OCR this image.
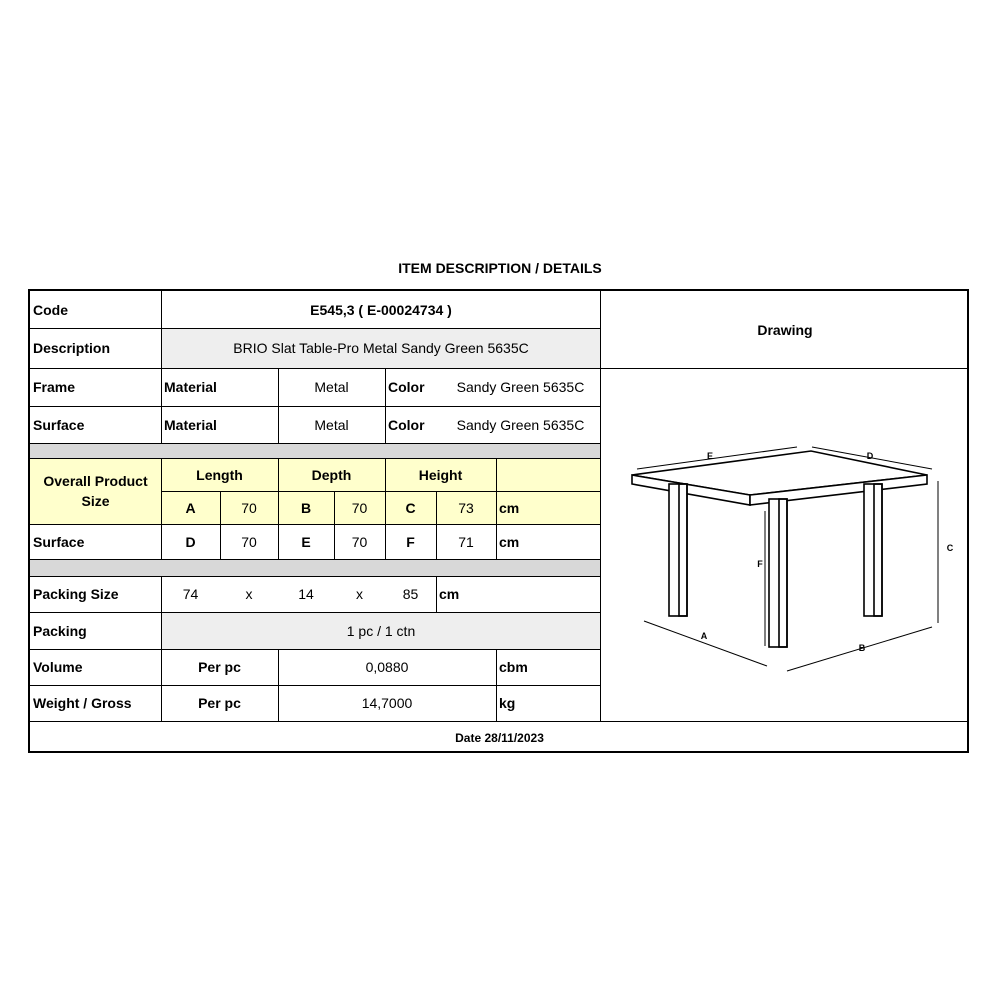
ITEM DESCRIPTION / DETAILS
Code	E545,3 ( E-00024734 )
Drawing
Description	BRIO Slat Table-Pro Metal Sandy Green 5635C
Frame	Material	Metal	Color	Sandy Green 5635C
Surface	Material	Metal	Color	Sandy Green 5635C
Overall Product Size
Length	Depth	Height
A	70	B	70	C	73	cm
Surface	D	70	E	70	F	71	cm
Packing Size	74	x	14	x	85	cm
Packing	1 pc / 1 ctn
Volume	Per pc	0,0880	cbm
Weight / Gross	Per pc	14,7000	kg
Date 28/11/2023
E	D
C
F
A
B
